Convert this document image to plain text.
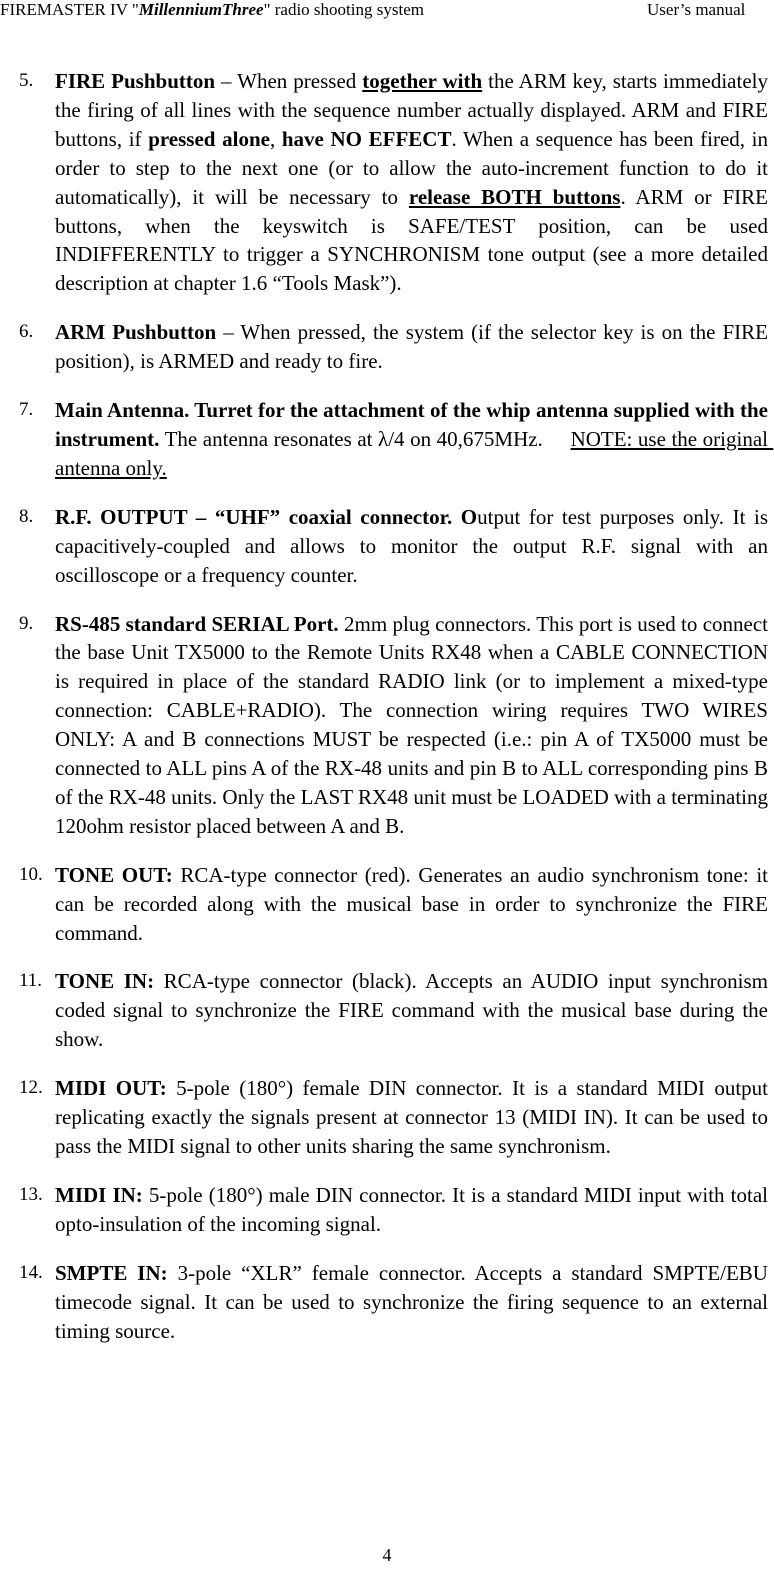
FIREMASTER IV "MillenniumThree" radio shooting system	User’s manual
5. FIRE Pushbutton – When pressed together with the ARM key, starts immediately the firing of all lines with the sequence number actually displayed. ARM and FIRE buttons, if pressed alone, have NO EFFECT. When a sequence has been fired, in order to step to the next one (or to allow the auto-increment function to do it automatically), it will be necessary to release BOTH buttons. ARM or FIRE buttons, when the keyswitch is SAFE/TEST position, can be used INDIFFERENTLY to trigger a SYNCHRONISM tone output (see a more detailed description at chapter 1.6 “Tools Mask”).
6. ARM Pushbutton – When pressed, the system (if the selector key is on the FIRE position), is ARMED and ready to fire.
7. Main Antenna. Turret for the attachment of the whip antenna supplied with the instrument. The antenna resonates at λ/4 on 40,675MHz.     NOTE: use the original antenna only.
8. R.F. OUTPUT – “UHF” coaxial connector. Output for test purposes only. It is capacitively-coupled and allows to monitor the output R.F. signal with an oscilloscope or a frequency counter.
9. RS-485 standard SERIAL Port. 2mm plug connectors. This port is used to connect the base Unit TX5000 to the Remote Units RX48 when a CABLE CONNECTION is required in place of the standard RADIO link (or to implement a mixed-type connection: CABLE+RADIO). The connection wiring requires TWO WIRES ONLY: A and B connections MUST be respected (i.e.: pin A of TX5000 must be connected to ALL pins A of the RX-48 units and pin B to ALL corresponding pins B of the RX-48 units. Only the LAST RX48 unit must be LOADED with a terminating 120ohm resistor placed between A and B.
10. TONE OUT: RCA-type connector (red). Generates an audio synchronism tone: it can be recorded along with the musical base in order to synchronize the FIRE command.
11. TONE IN: RCA-type connector (black). Accepts an AUDIO input synchronism coded signal to synchronize the FIRE command with the musical base during the show.
12. MIDI OUT: 5-pole (180°) female DIN connector. It is a standard MIDI output replicating exactly the signals present at connector 13 (MIDI IN). It can be used to pass the MIDI signal to other units sharing the same synchronism.
13. MIDI IN: 5-pole (180°) male DIN connector. It is a standard MIDI input with total opto-insulation of the incoming signal.
14. SMPTE IN: 3-pole “XLR” female connector. Accepts a standard SMPTE/EBU timecode signal. It can be used to synchronize the firing sequence to an external timing source.
4
